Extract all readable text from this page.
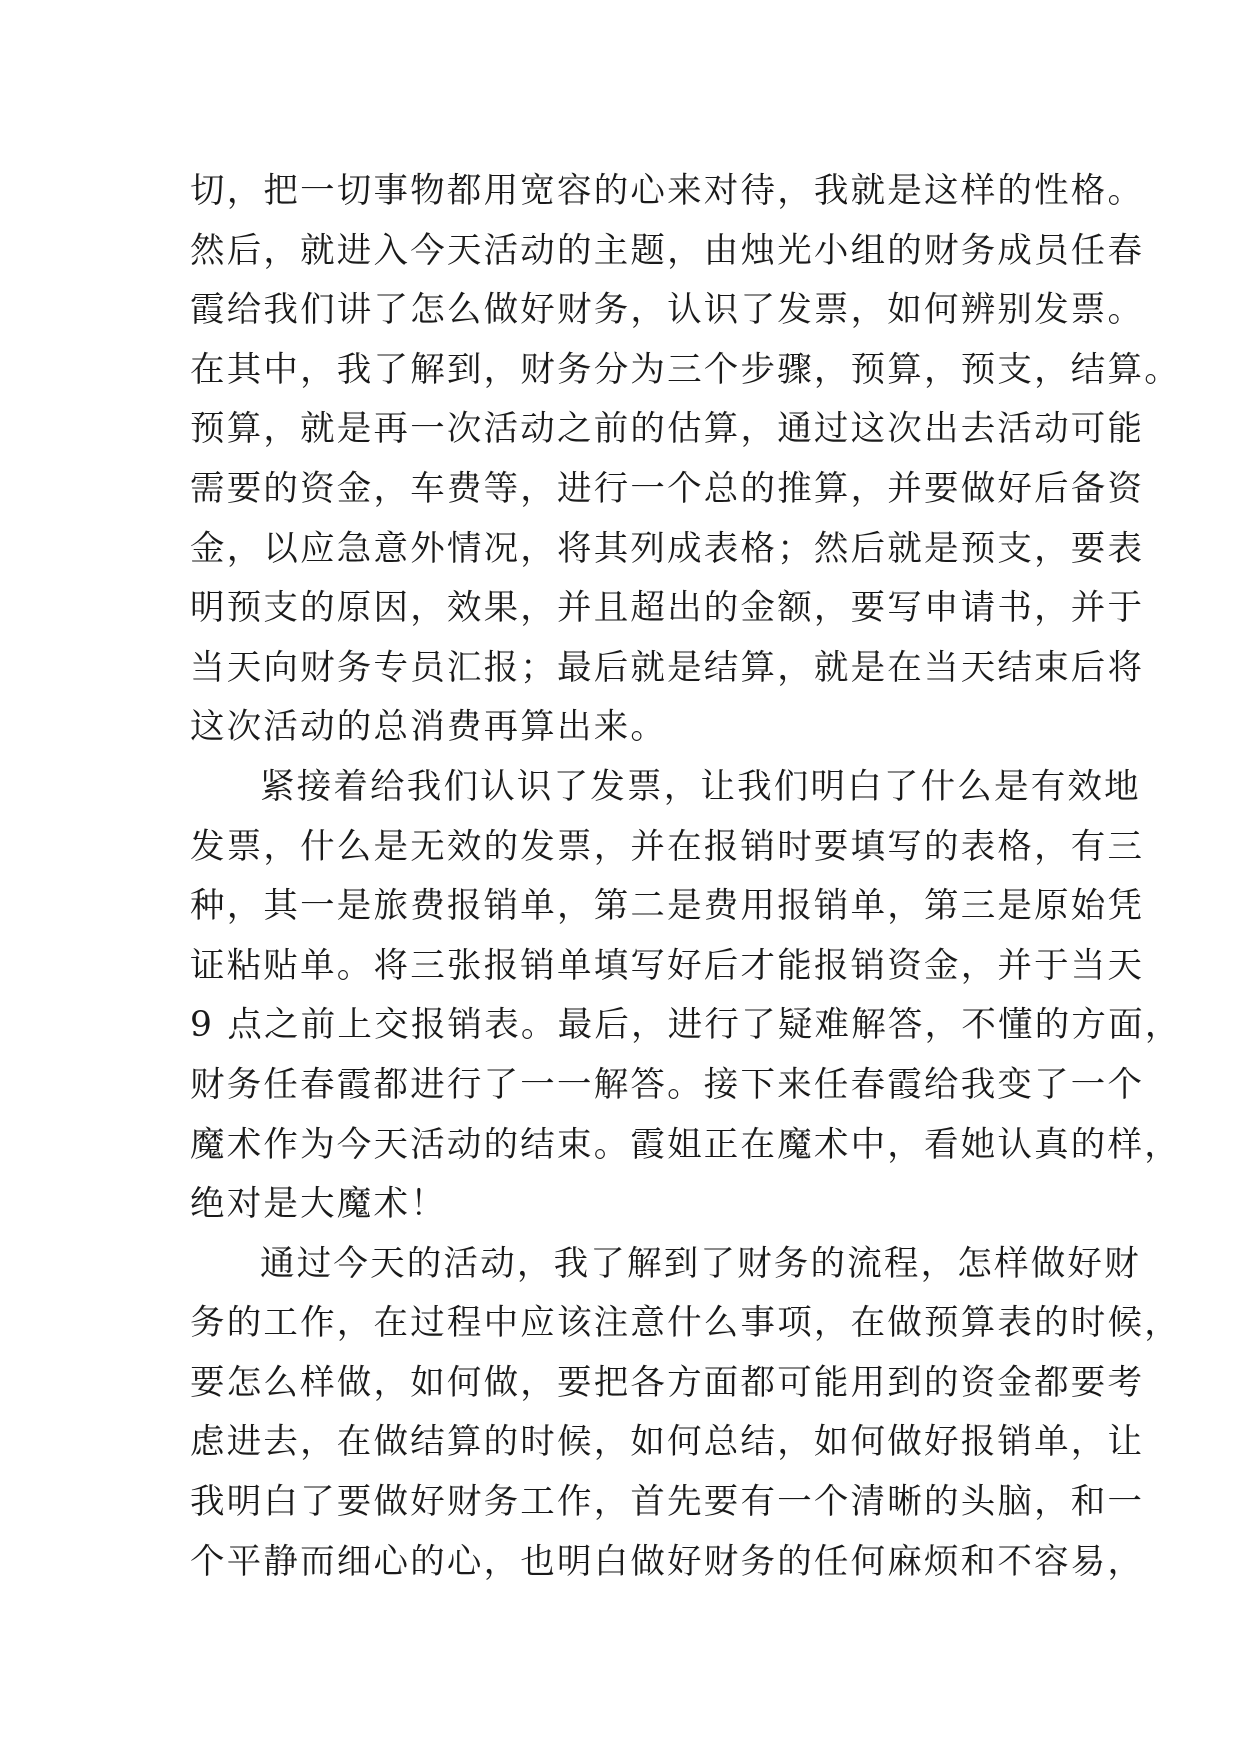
切，把一切事物都用宽容的心来对待，我就是这样的性格。
然后，就进入今天活动的主题，由烛光小组的财务成员任春
霞给我们讲了怎么做好财务，认识了发票，如何辨别发票。
在其中，我了解到，财务分为三个步骤，预算，预支，结算。
预算，就是再一次活动之前的估算，通过这次出去活动可能
需要的资金，车费等，进行一个总的推算，并要做好后备资
金，以应急意外情况，将其列成表格；然后就是预支，要表
明预支的原因，效果，并且超出的金额，要写申请书，并于
当天向财务专员汇报；最后就是结算，就是在当天结束后将
这次活动的总消费再算出来。
紧接着给我们认识了发票，让我们明白了什么是有效地
发票，什么是无效的发票，并在报销时要填写的表格，有三
种，其一是旅费报销单，第二是费用报销单，第三是原始凭
证粘贴单。将三张报销单填写好后才能报销资金，并于当天
9 点之前上交报销表。最后，进行了疑难解答，不懂的方面，
财务任春霞都进行了一一解答。接下来任春霞给我变了一个
魔术作为今天活动的结束。霞姐正在魔术中，看她认真的样，
绝对是大魔术！
通过今天的活动，我了解到了财务的流程，怎样做好财
务的工作，在过程中应该注意什么事项，在做预算表的时候，
要怎么样做，如何做，要把各方面都可能用到的资金都要考
虑进去，在做结算的时候，如何总结，如何做好报销单，让
我明白了要做好财务工作，首先要有一个清晰的头脑，和一
个平静而细心的心，也明白做好财务的任何麻烦和不容易，
